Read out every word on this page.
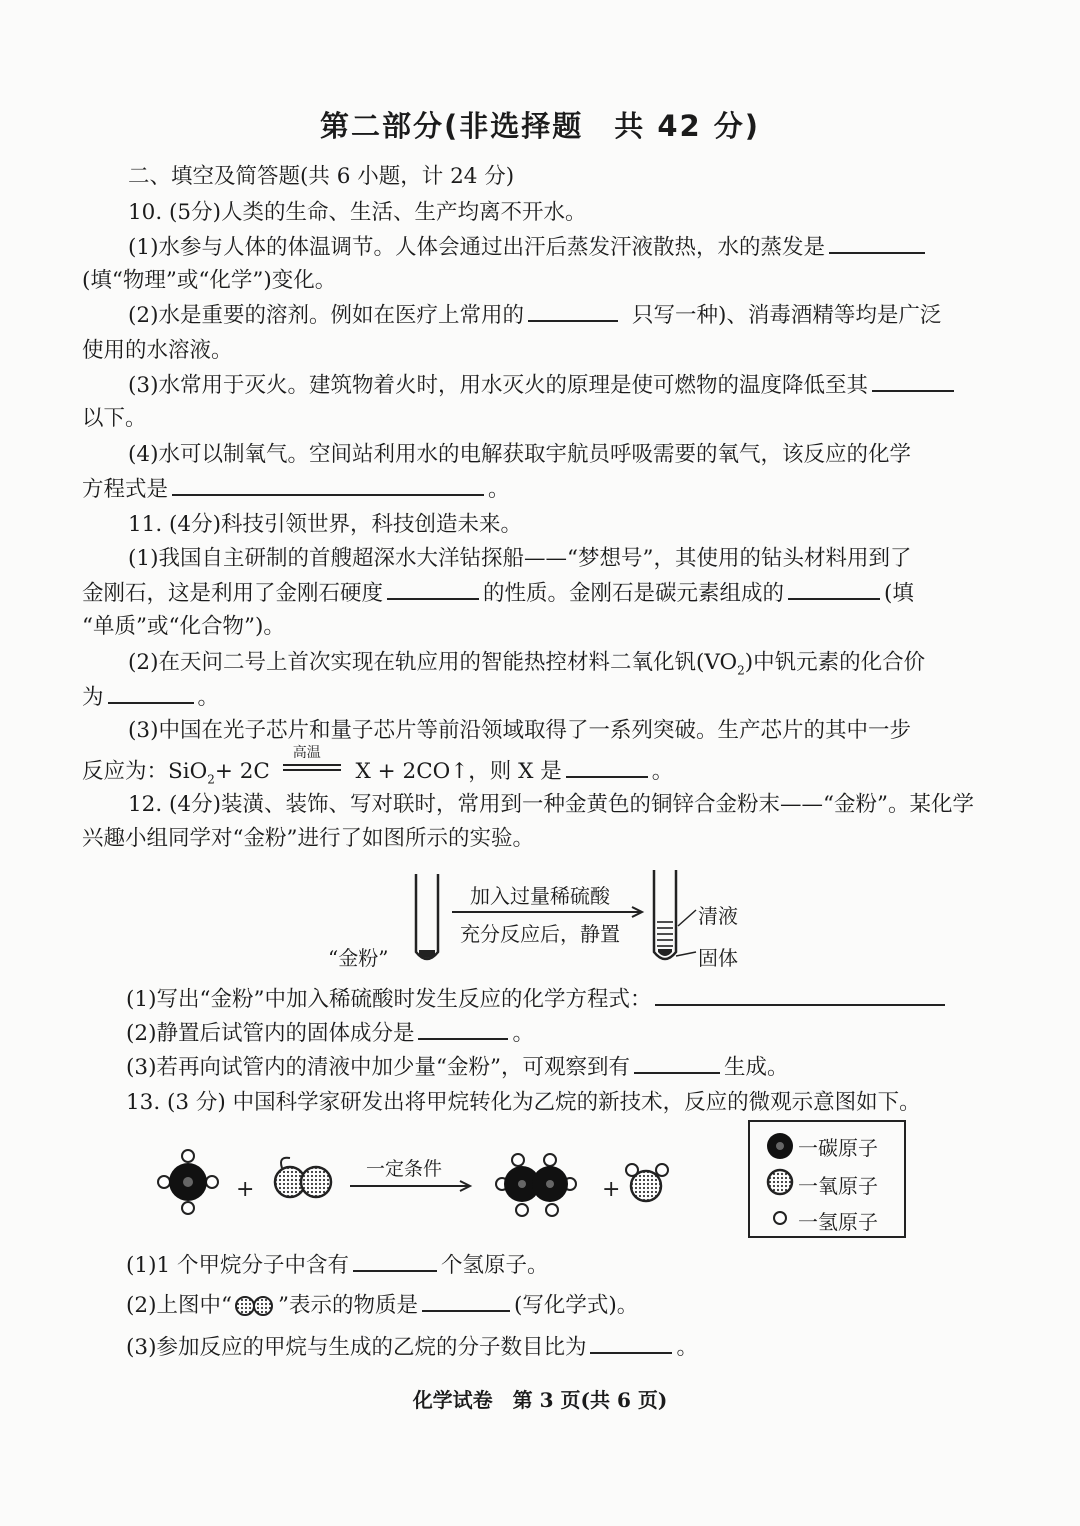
第二部分(非选择题　共 42 分)
二、填空及简答题(共 6 小题，计 24 分)
10. (5分)人类的生命、生活、生产均离不开水。
(1)水参与人体的体温调节。人体会通过出汗后蒸发汗液散热，水的蒸发是
(填“物理”或“化学”)变化。
(2)水是重要的溶剂。例如在医疗上常用的	只写一种)、消毒酒精等均是广泛
使用的水溶液。
(3)水常用于灭火。建筑物着火时，用水灭火的原理是使可燃物的温度降低至其
以下。
(4)水可以制氧气。空间站利用水的电解获取宇航员呼吸需要的氧气，该反应的化学
方程式是	。
11. (4分)科技引领世界，科技创造未来。
(1)我国自主研制的首艘超深水大洋钻探船——“梦想号”，其使用的钻头材料用到了
金刚石，这是利用了金刚石硬度	的性质。金刚石是碳元素组成的	(填
“单质”或“化合物”)。
(2)在天问二号上首次实现在轨应用的智能热控材料二氧化钒$(VO_2)$中钒元素的化合价
为	。
(3)中国在光子芯片和量子芯片等前沿领域取得了一系列突破。生产芯片的其中一步
反应为：SiO$_2$+ 2C
高温
X + 2CO↑，则 X 是	。
12. (4分)装潢、装饰、写对联时，常用到一种金黄色的铜锌合金粉末——“金粉”。某化学
兴趣小组同学对“金粉”进行了如图所示的实验。
加入过量稀硫酸
充分反应后，静置
“金粉”
清液
固体
(1)写出“金粉”中加入稀硫酸时发生反应的化学方程式：
(2)静置后试管内的固体成分是	。
(3)若再向试管内的清液中加少量“金粉”，可观察到有	生成。
13. (3 分) 中国科学家研发出将甲烷转化为乙烷的新技术，反应的微观示意图如下。
+	+
一定条件
一碳原子
一氧原子
一氢原子
(1)1 个甲烷分子中含有	个氢原子。
(2)上图中“ ”表示的物质是	(写化学式)。
(3)参加反应的甲烷与生成的乙烷的分子数目比为	。
化学试卷　第 3 页(共 6 页)
